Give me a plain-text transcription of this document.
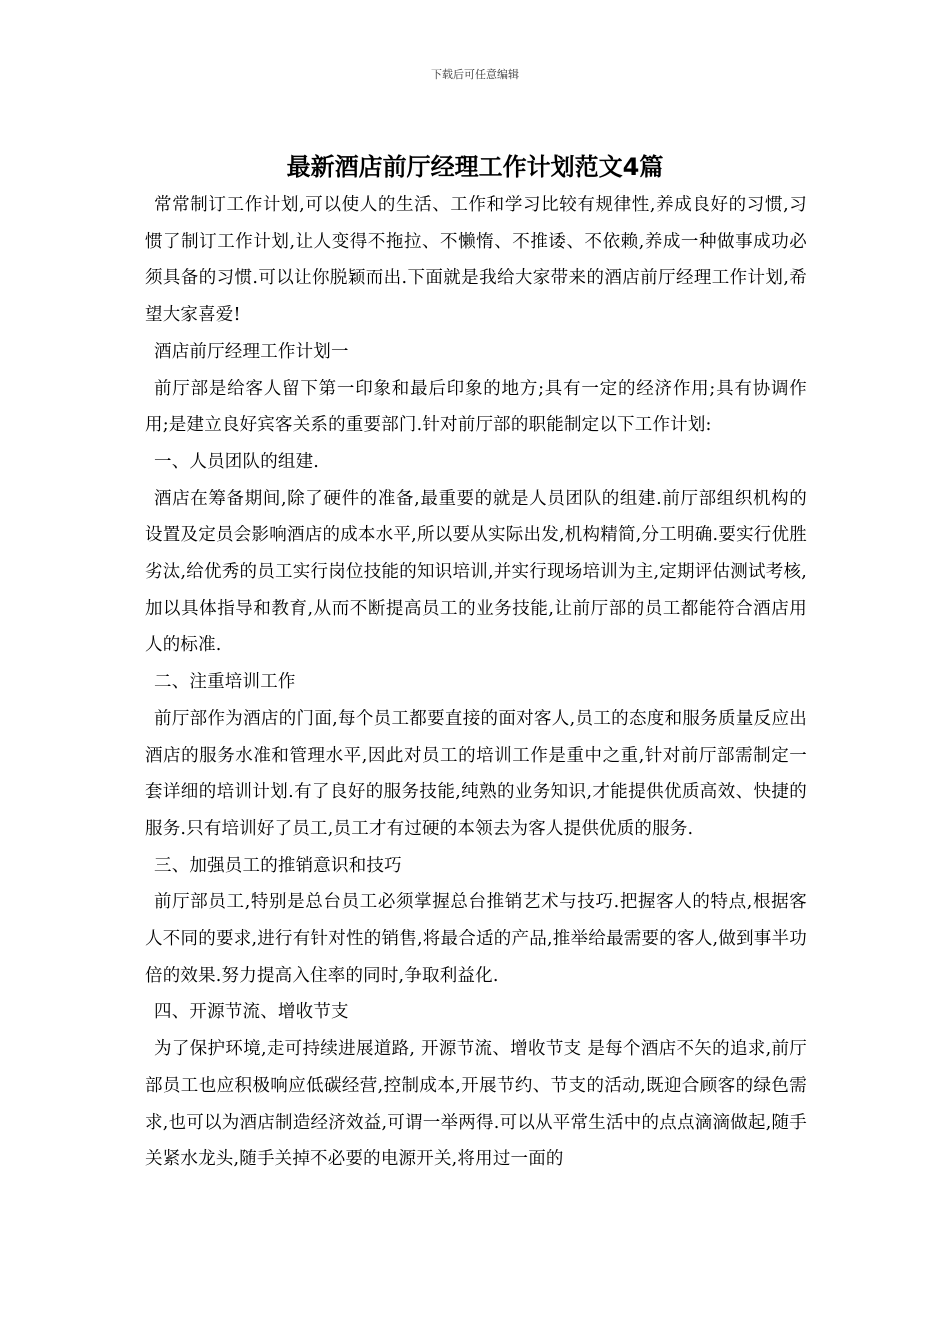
下载后可任意编辑
最新酒店前厅经理工作计划范文4篇

常常制订工作计划,可以使人的生活、工作和学习比较有规律性,养成良好的习惯,习惯了制订工作计划,让人变得不拖拉、不懒惰、不推诿、不依赖,养成一种做事成功必须具备的习惯.可以让你脱颖而出.下面就是我给大家带来的酒店前厅经理工作计划,希望大家喜爱!

酒店前厅经理工作计划一

前厅部是给客人留下第一印象和最后印象的地方;具有一定的经济作用;具有协调作用;是建立良好宾客关系的重要部门.针对前厅部的职能制定以下工作计划:

一、人员团队的组建.

酒店在筹备期间,除了硬件的准备,最重要的就是人员团队的组建.前厅部组织机构的设置及定员会影响酒店的成本水平,所以要从实际出发,机构精简,分工明确.要实行优胜劣汰,给优秀的员工实行岗位技能的知识培训,并实行现场培训为主,定期评估测试考核,加以具体指导和教育,从而不断提高员工的业务技能,让前厅部的员工都能符合酒店用人的标准.

二、注重培训工作

前厅部作为酒店的门面,每个员工都要直接的面对客人,员工的态度和服务质量反应出酒店的服务水准和管理水平,因此对员工的培训工作是重中之重,针对前厅部需制定一套详细的培训计划.有了良好的服务技能,纯熟的业务知识,才能提供优质高效、快捷的服务.只有培训好了员工,员工才有过硬的本领去为客人提供优质的服务.

三、加强员工的推销意识和技巧

前厅部员工,特别是总台员工必须掌握总台推销艺术与技巧.把握客人的特点,根据客人不同的要求,进行有针对性的销售,将最合适的产品,推举给最需要的客人,做到事半功倍的效果.努力提高入住率的同时,争取利益化.

四、开源节流、增收节支

为了保护环境,走可持续进展道路, 开源节流、增收节支 是每个酒店不矢的追求,前厅部员工也应积极响应低碳经营,控制成本,开展节约、节支的活动,既迎合顾客的绿色需求,也可以为酒店制造经济效益,可谓一举两得.可以从平常生活中的点点滴滴做起,随手关紧水龙头,随手关掉不必要的电源开关,将用过一面的
